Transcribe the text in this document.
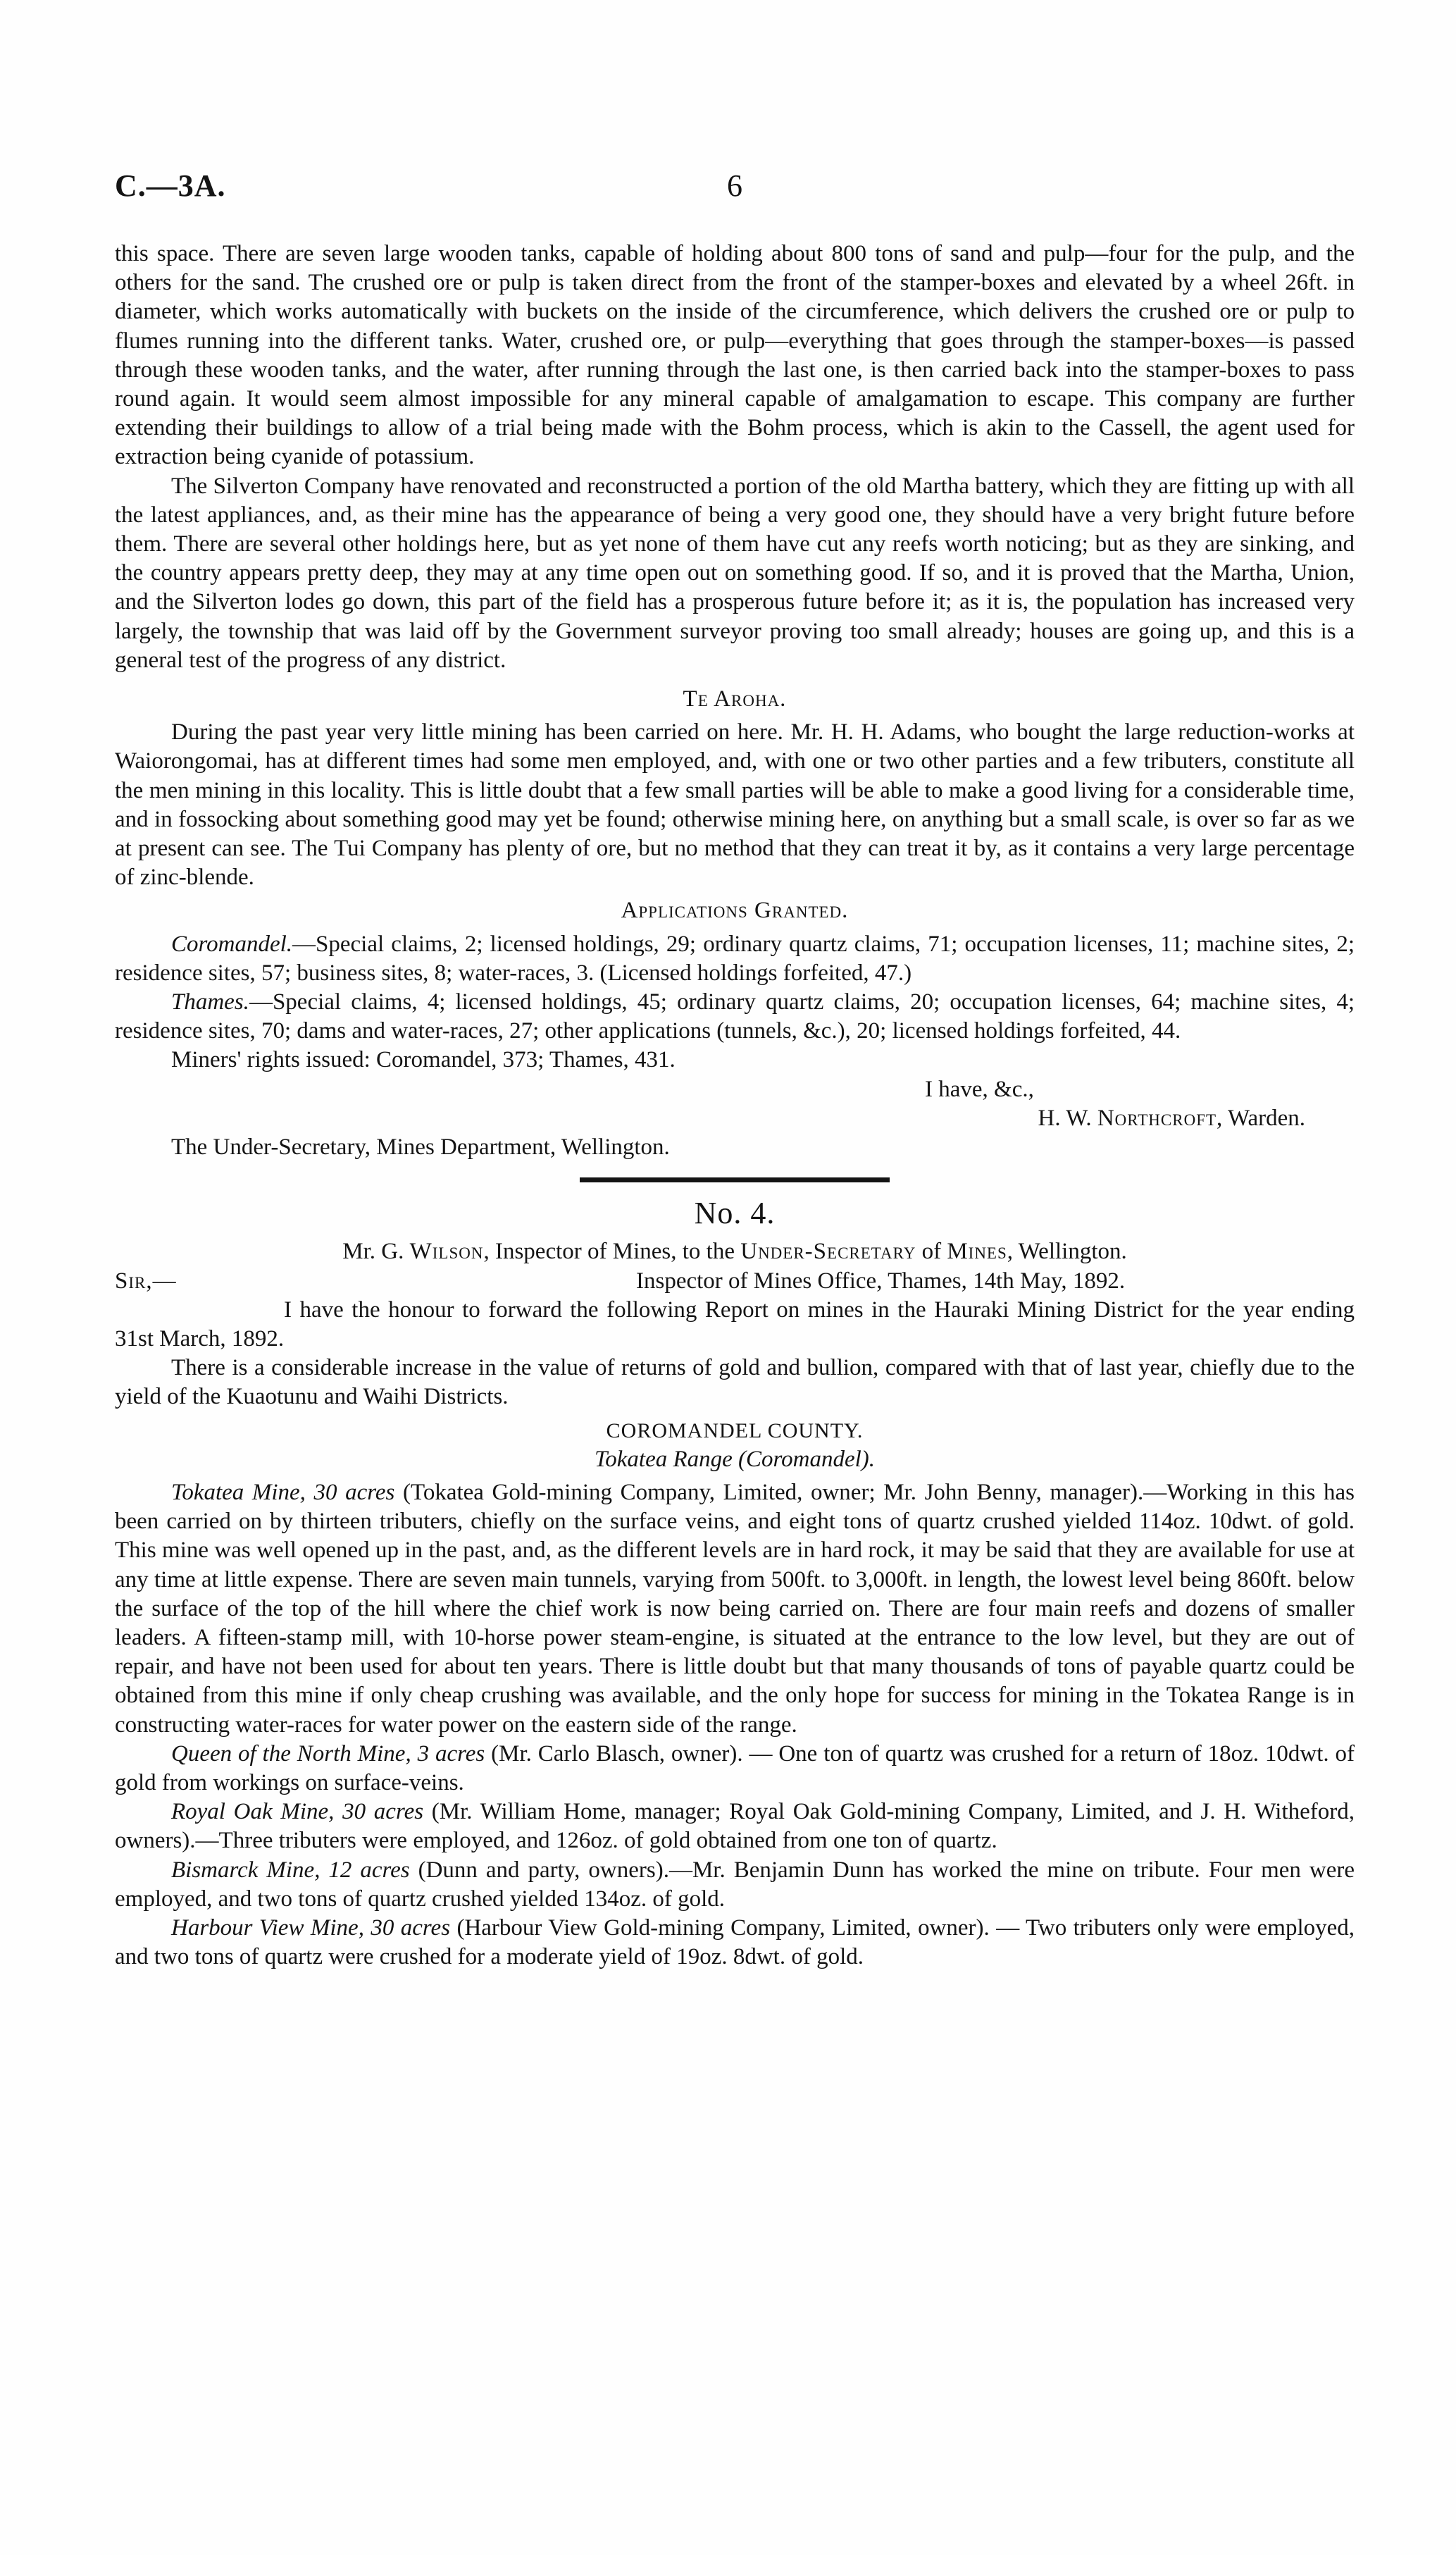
C.—3A.	6

this space. There are seven large wooden tanks, capable of holding about 800 tons of sand and pulp—four for the pulp, and the others for the sand. The crushed ore or pulp is taken direct from the front of the stamper-boxes and elevated by a wheel 26ft. in diameter, which works automatically with buckets on the inside of the circumference, which delivers the crushed ore or pulp to flumes running into the different tanks. Water, crushed ore, or pulp—everything that goes through the stamper-boxes—is passed through these wooden tanks, and the water, after running through the last one, is then carried back into the stamper-boxes to pass round again. It would seem almost impossible for any mineral capable of amalgamation to escape. This company are further extending their buildings to allow of a trial being made with the Bohm process, which is akin to the Cassell, the agent used for extraction being cyanide of potassium.

The Silverton Company have renovated and reconstructed a portion of the old Martha battery, which they are fitting up with all the latest appliances, and, as their mine has the appearance of being a very good one, they should have a very bright future before them. There are several other holdings here, but as yet none of them have cut any reefs worth noticing; but as they are sinking, and the country appears pretty deep, they may at any time open out on something good. If so, and it is proved that the Martha, Union, and the Silverton lodes go down, this part of the field has a prosperous future before it; as it is, the population has increased very largely, the township that was laid off by the Government surveyor proving too small already; houses are going up, and this is a general test of the progress of any district.

Te Aroha.

During the past year very little mining has been carried on here. Mr. H. H. Adams, who bought the large reduction-works at Waiorongomai, has at different times had some men employed, and, with one or two other parties and a few tributers, constitute all the men mining in this locality. This is little doubt that a few small parties will be able to make a good living for a considerable time, and in fossocking about something good may yet be found; otherwise mining here, on anything but a small scale, is over so far as we at present can see. The Tui Company has plenty of ore, but no method that they can treat it by, as it contains a very large percentage of zinc-blende.

Applications Granted.

Coromandel.—Special claims, 2; licensed holdings, 29; ordinary quartz claims, 71; occupation licenses, 11; machine sites, 2; residence sites, 57; business sites, 8; water-races, 3. (Licensed holdings forfeited, 47.)

Thames.—Special claims, 4; licensed holdings, 45; ordinary quartz claims, 20; occupation licenses, 64; machine sites, 4; residence sites, 70; dams and water-races, 27; other applications (tunnels, &c.), 20; licensed holdings forfeited, 44.

Miners' rights issued: Coromandel, 373; Thames, 431.

I have, &c.,

H. W. Northcroft, Warden.

The Under-Secretary, Mines Department, Wellington.

No. 4.

Mr. G. Wilson, Inspector of Mines, to the Under-Secretary of Mines, Wellington.

Sir,—	Inspector of Mines Office, Thames, 14th May, 1892.

I have the honour to forward the following Report on mines in the Hauraki Mining District for the year ending 31st March, 1892.

There is a considerable increase in the value of returns of gold and bullion, compared with that of last year, chiefly due to the yield of the Kuaotunu and Waihi Districts.

COROMANDEL COUNTY.

Tokatea Range (Coromandel).

Tokatea Mine, 30 acres (Tokatea Gold-mining Company, Limited, owner; Mr. John Benny, manager).—Working in this has been carried on by thirteen tributers, chiefly on the surface veins, and eight tons of quartz crushed yielded 114oz. 10dwt. of gold. This mine was well opened up in the past, and, as the different levels are in hard rock, it may be said that they are available for use at any time at little expense. There are seven main tunnels, varying from 500ft. to 3,000ft. in length, the lowest level being 860ft. below the surface of the top of the hill where the chief work is now being carried on. There are four main reefs and dozens of smaller leaders. A fifteen-stamp mill, with 10-horse power steam-engine, is situated at the entrance to the low level, but they are out of repair, and have not been used for about ten years. There is little doubt but that many thousands of tons of payable quartz could be obtained from this mine if only cheap crushing was available, and the only hope for success for mining in the Tokatea Range is in constructing water-races for water power on the eastern side of the range.

Queen of the North Mine, 3 acres (Mr. Carlo Blasch, owner). — One ton of quartz was crushed for a return of 18oz. 10dwt. of gold from workings on surface-veins.

Royal Oak Mine, 30 acres (Mr. William Home, manager; Royal Oak Gold-mining Company, Limited, and J. H. Witheford, owners).—Three tributers were employed, and 126oz. of gold obtained from one ton of quartz.

Bismarck Mine, 12 acres (Dunn and party, owners).—Mr. Benjamin Dunn has worked the mine on tribute. Four men were employed, and two tons of quartz crushed yielded 134oz. of gold.

Harbour View Mine, 30 acres (Harbour View Gold-mining Company, Limited, owner). — Two tributers only were employed, and two tons of quartz were crushed for a moderate yield of 19oz. 8dwt. of gold.
